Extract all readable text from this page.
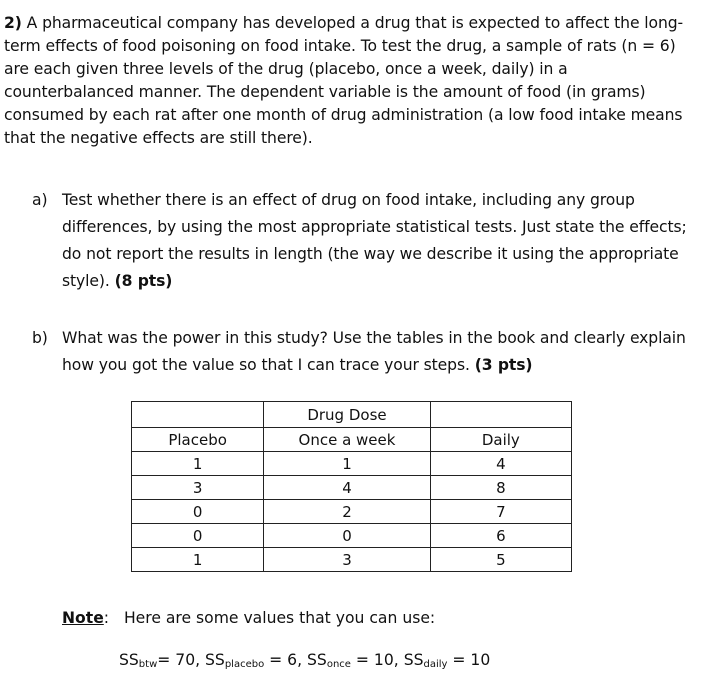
2) A pharmaceutical company has developed a drug that is expected to affect the long-term effects of food poisoning on food intake. To test the drug, a sample of rats (n = 6) are each given three levels of the drug (placebo, once a week, daily) in a counterbalanced manner. The dependent variable is the amount of food (in grams) consumed by each rat after one month of drug administration (a low food intake means that the negative effects are still there).
a) Test whether there is an effect of drug on food intake, including any group differences, by using the most appropriate statistical tests. Just state the effects; do not report the results in length (the way we describe it using the appropriate style). (8 pts)
b) What was the power in this study? Use the tables in the book and clearly explain how you got the value so that I can trace your steps. (3 pts)
	Drug Dose	
Placebo	Once a week	Daily
1	1	4
3	4	8
0	2	7
0	0	6
1	3	5
Note: Here are some values that you can use:
$SS_{btw}= 70$, $SS_{placebo} = 6$, $SS_{once} = 10$, $SS_{daily} = 10$
